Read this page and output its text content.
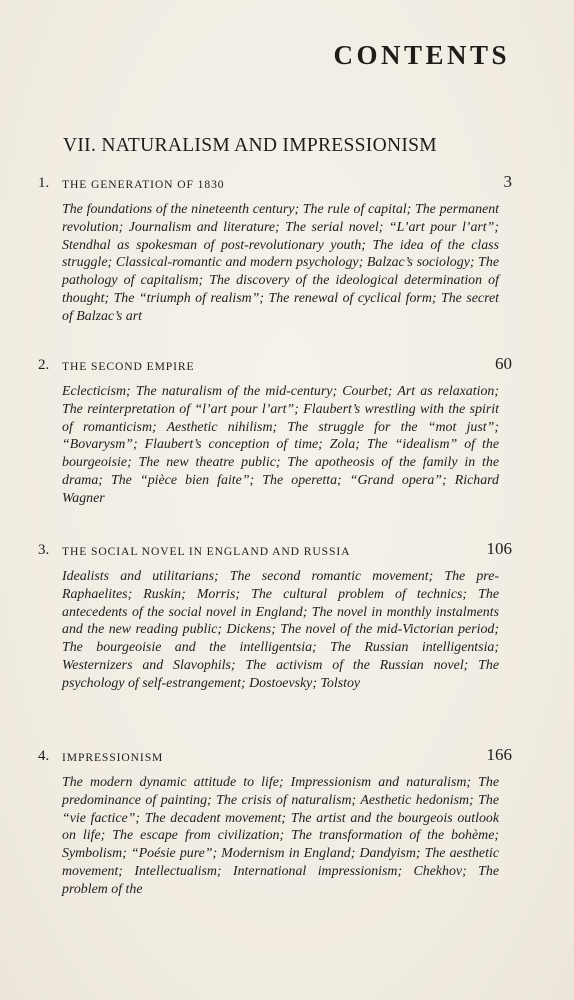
CONTENTS
VII. NATURALISM AND IMPRESSIONISM
1. THE GENERATION OF 1830	3
The foundations of the nineteenth century; The rule of capital; The permanent revolution; Journalism and literature; The serial novel; “L’art pour l’art”; Stendhal as spokesman of post-revolutionary youth; The idea of the class struggle; Classical-romantic and modern psychology; Balzac’s sociology; The pathology of capitalism; The discovery of the ideological determination of thought; The “triumph of realism”; The renewal of cyclical form; The secret of Balzac’s art
2. THE SECOND EMPIRE	60
Eclecticism; The naturalism of the mid-century; Courbet; Art as relaxation; The reinterpretation of “l’art pour l’art”; Flaubert’s wrestling with the spirit of romanticism; Aesthetic nihilism; The struggle for the “mot just”; “Bovarysm”; Flaubert’s conception of time; Zola; The “idealism” of the bourgeoisie; The new theatre public; The apotheosis of the family in the drama; The “pièce bien faite”; The operetta; “Grand opera”; Richard Wagner
3. THE SOCIAL NOVEL IN ENGLAND AND RUSSIA	106
Idealists and utilitarians; The second romantic movement; The pre-Raphaelites; Ruskin; Morris; The cultural problem of technics; The antecedents of the social novel in England; The novel in monthly instalments and the new reading public; Dickens; The novel of the mid-Victorian period; The bourgeoisie and the intelligentsia; The Russian intelligentsia; Westernizers and Slavophils; The activism of the Russian novel; The psychology of self-estrangement; Dostoevsky; Tolstoy
4. IMPRESSIONISM	166
The modern dynamic attitude to life; Impressionism and naturalism; The predominance of painting; The crisis of naturalism; Aesthetic hedonism; The “vie factice”; The decadent movement; The artist and the bourgeois outlook on life; The escape from civilization; The transformation of the bohème; Symbolism; “Poésie pure”; Modernism in England; Dandyism; The aesthetic movement; Intellectualism; International impressionism; Chekhov; The problem of the
